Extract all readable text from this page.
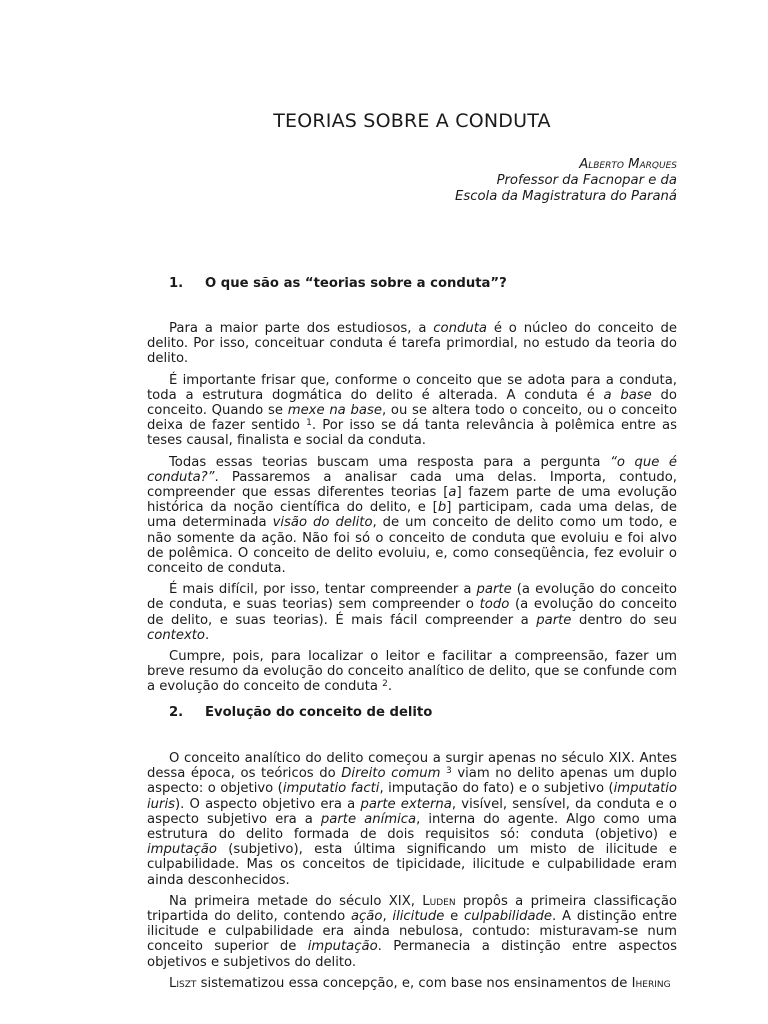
TEORIAS SOBRE A CONDUTA
Alberto Marques
Professor da Facnopar e da
Escola da Magistratura do Paraná
1. O que são as “teorias sobre a conduta”?

Para a maior parte dos estudiosos, a conduta é o núcleo do conceito de delito. Por isso, conceituar conduta é tarefa primordial, no estudo da teoria do delito.

É importante frisar que, conforme o conceito que se adota para a conduta, toda a estrutura dogmática do delito é alterada. A conduta é a base do conceito. Quando se mexe na base, ou se altera todo o conceito, ou o conceito deixa de fazer sentido $^1$. Por isso se dá tanta relevância à polêmica entre as teses causal, finalista e social da conduta.

Todas essas teorias buscam uma resposta para a pergunta “o que é conduta?”. Passaremos a analisar cada uma delas. Importa, contudo, compreender que essas diferentes teorias [a] fazem parte de uma evolução histórica da noção científica do delito, e [b] participam, cada uma delas, de uma determinada visão do delito, de um conceito de delito como um todo, e não somente da ação. Não foi só o conceito de conduta que evoluiu e foi alvo de polêmica. O conceito de delito evoluiu, e, como conseqüência, fez evoluir o conceito de conduta.

É mais difícil, por isso, tentar compreender a parte (a evolução do conceito de conduta, e suas teorias) sem compreender o todo (a evolução do conceito de delito, e suas teorias). É mais fácil compreender a parte dentro do seu contexto.

Cumpre, pois, para localizar o leitor e facilitar a compreensão, fazer um breve resumo da evolução do conceito analítico de delito, que se confunde com a evolução do conceito de conduta $^2$.

2. Evolução do conceito de delito

O conceito analítico do delito começou a surgir apenas no século XIX. Antes dessa época, os teóricos do Direito comum $^3$ viam no delito apenas um duplo aspecto: o objetivo (imputatio facti, imputação do fato) e o subjetivo (imputatio iuris). O aspecto objetivo era a parte externa, visível, sensível, da conduta e o aspecto subjetivo era a parte anímica, interna do agente. Algo como uma estrutura do delito formada de dois requisitos só: conduta (objetivo) e imputação (subjetivo), esta última significando um misto de ilicitude e culpabilidade. Mas os conceitos de tipicidade, ilicitude e culpabilidade eram ainda desconhecidos.

Na primeira metade do século XIX, Luden propôs a primeira classificação tripartida do delito, contendo ação, ilicitude e culpabilidade. A distinção entre ilicitude e culpabilidade era ainda nebulosa, contudo: misturavam-se num conceito superior de imputação. Permanecia a distinção entre aspectos objetivos e subjetivos do delito.

Liszt sistematizou essa concepção, e, com base nos ensinamentos de Ihering
